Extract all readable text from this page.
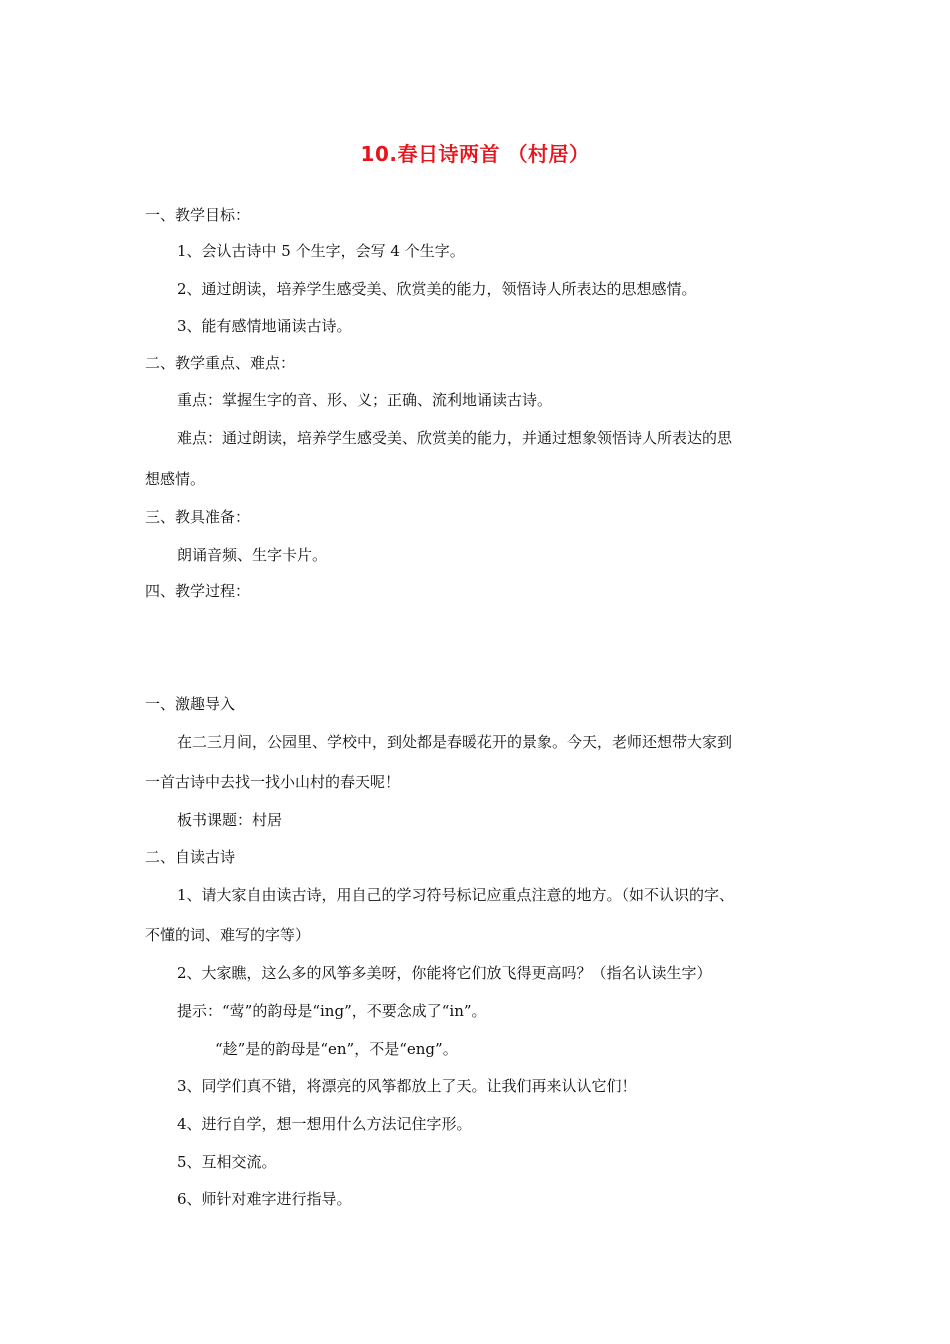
10.春日诗两首 （村居）
一、教学目标：
1、会认古诗中 5 个生字，会写 4 个生字。
2、通过朗读，培养学生感受美、欣赏美的能力，领悟诗人所表达的思想感情。
3、能有感情地诵读古诗。
二、教学重点、难点：
重点：掌握生字的音、形、义；正确、流利地诵读古诗。
难点：通过朗读，培养学生感受美、欣赏美的能力，并通过想象领悟诗人所表达的思
想感情。
三、教具准备：
朗诵音频、生字卡片。
四、教学过程：
一、激趣导入
在二三月间，公园里、学校中，到处都是春暖花开的景象。今天，老师还想带大家到
一首古诗中去找一找小山村的春天呢！
板书课题：村居
二、自读古诗
1、请大家自由读古诗，用自己的学习符号标记应重点注意的地方。（如不认识的字、
不懂的词、难写的字等）
2、大家瞧，这么多的风筝多美呀，你能将它们放飞得更高吗？（指名认读生字）
提示：“莺”的韵母是“ing”，不要念成了“in”。
“趁”是的韵母是“en”，不是“eng”。
3、同学们真不错，将漂亮的风筝都放上了天。让我们再来认认它们！
4、进行自学，想一想用什么方法记住字形。
5、互相交流。
6、师针对难字进行指导。
